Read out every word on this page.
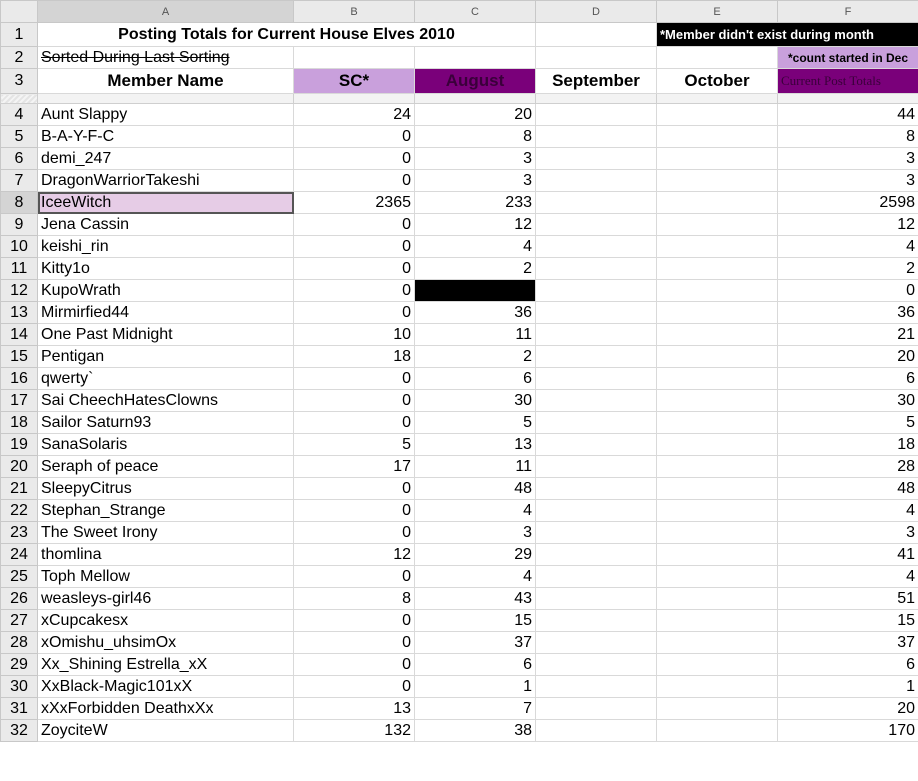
	A	B	C	D	E	F
1	Posting Totals for Current House Elves 2010				*Member didn't exist during month	
2	Sorted During Last Sorting					*count started in Dec
3	Member Name	SC*	August	September	October	Current Post Totals

4	Aunt Slappy	24	20			44
5	B-A-Y-F-C	0	8			8
6	demi_247	0	3			3
7	DragonWarriorTakeshi	0	3			3
8	IceeWitch	2365	233			2598
9	Jena Cassin	0	12			12
10	keishi_rin	0	4			4
11	Kitty1o	0	2			2
12	KupoWrath	0				0
13	Mirmirfied44	0	36			36
14	One Past Midnight	10	11			21
15	Pentigan	18	2			20
16	qwerty`	0	6			6
17	Sai CheechHatesClowns	0	30			30
18	Sailor Saturn93	0	5			5
19	SanaSolaris	5	13			18
20	Seraph of peace	17	11			28
21	SleepyCitrus	0	48			48
22	Stephan_Strange	0	4			4
23	The Sweet Irony	0	3			3
24	thomlina	12	29			41
25	Toph Mellow	0	4			4
26	weasleys-girl46	8	43			51
27	xCupcakesx	0	15			15
28	xOmishu_uhsimOx	0	37			37
29	Xx_Shining Estrella_xX	0	6			6
30	XxBlack-Magic101xX	0	1			1
31	xXxForbidden DeathxXx	13	7			20
32	ZoyciteW	132	38			170
